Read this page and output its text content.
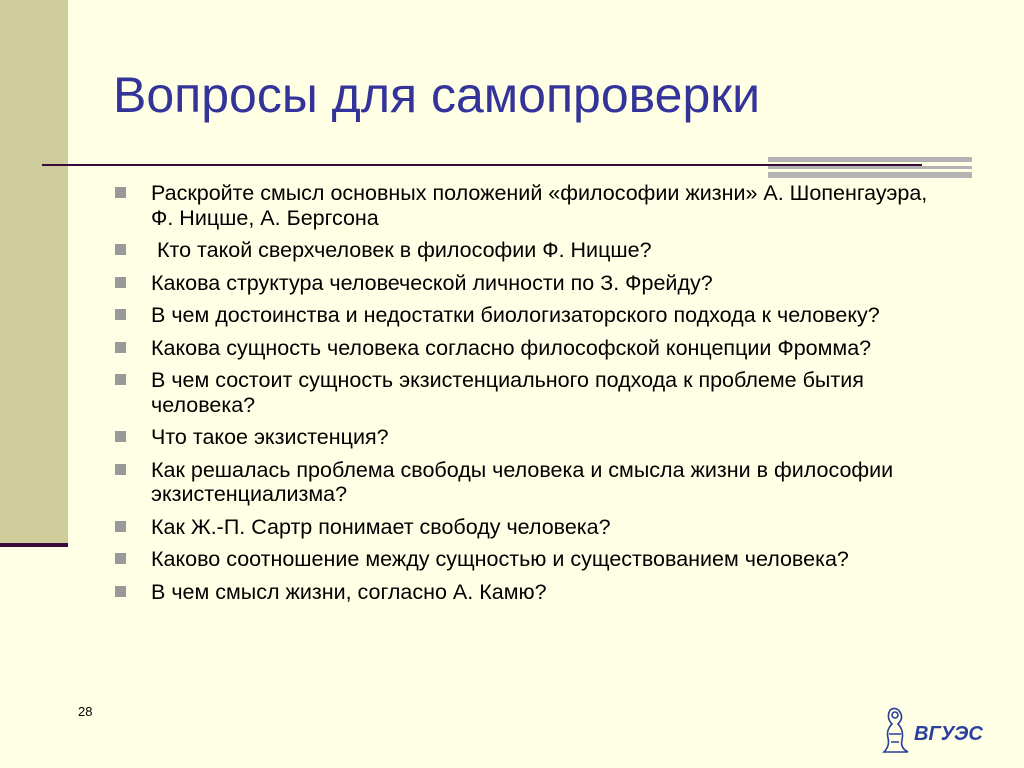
Вопросы для самопроверки
Раскройте смысл основных положений «философии жизни» А. Шопенгауэра, Ф. Ницше, А. Бергсона
Кто такой сверхчеловек в философии Ф. Ницше?
Какова структура человеческой личности по З. Фрейду?
В чем достоинства и недостатки биологизаторского подхода к человеку?
Какова сущность человека согласно философской концепции Фромма?
В чем состоит сущность экзистенциального подхода к проблеме бытия человека?
Что такое экзистенция?
Как решалась проблема свободы человека и смысла жизни в философии экзистенциализма?
Как Ж.-П. Сартр понимает свободу человека?
Каково соотношение между сущностью и существованием человека?
В чем смысл жизни, согласно А. Камю?
28
ВГУЭС
